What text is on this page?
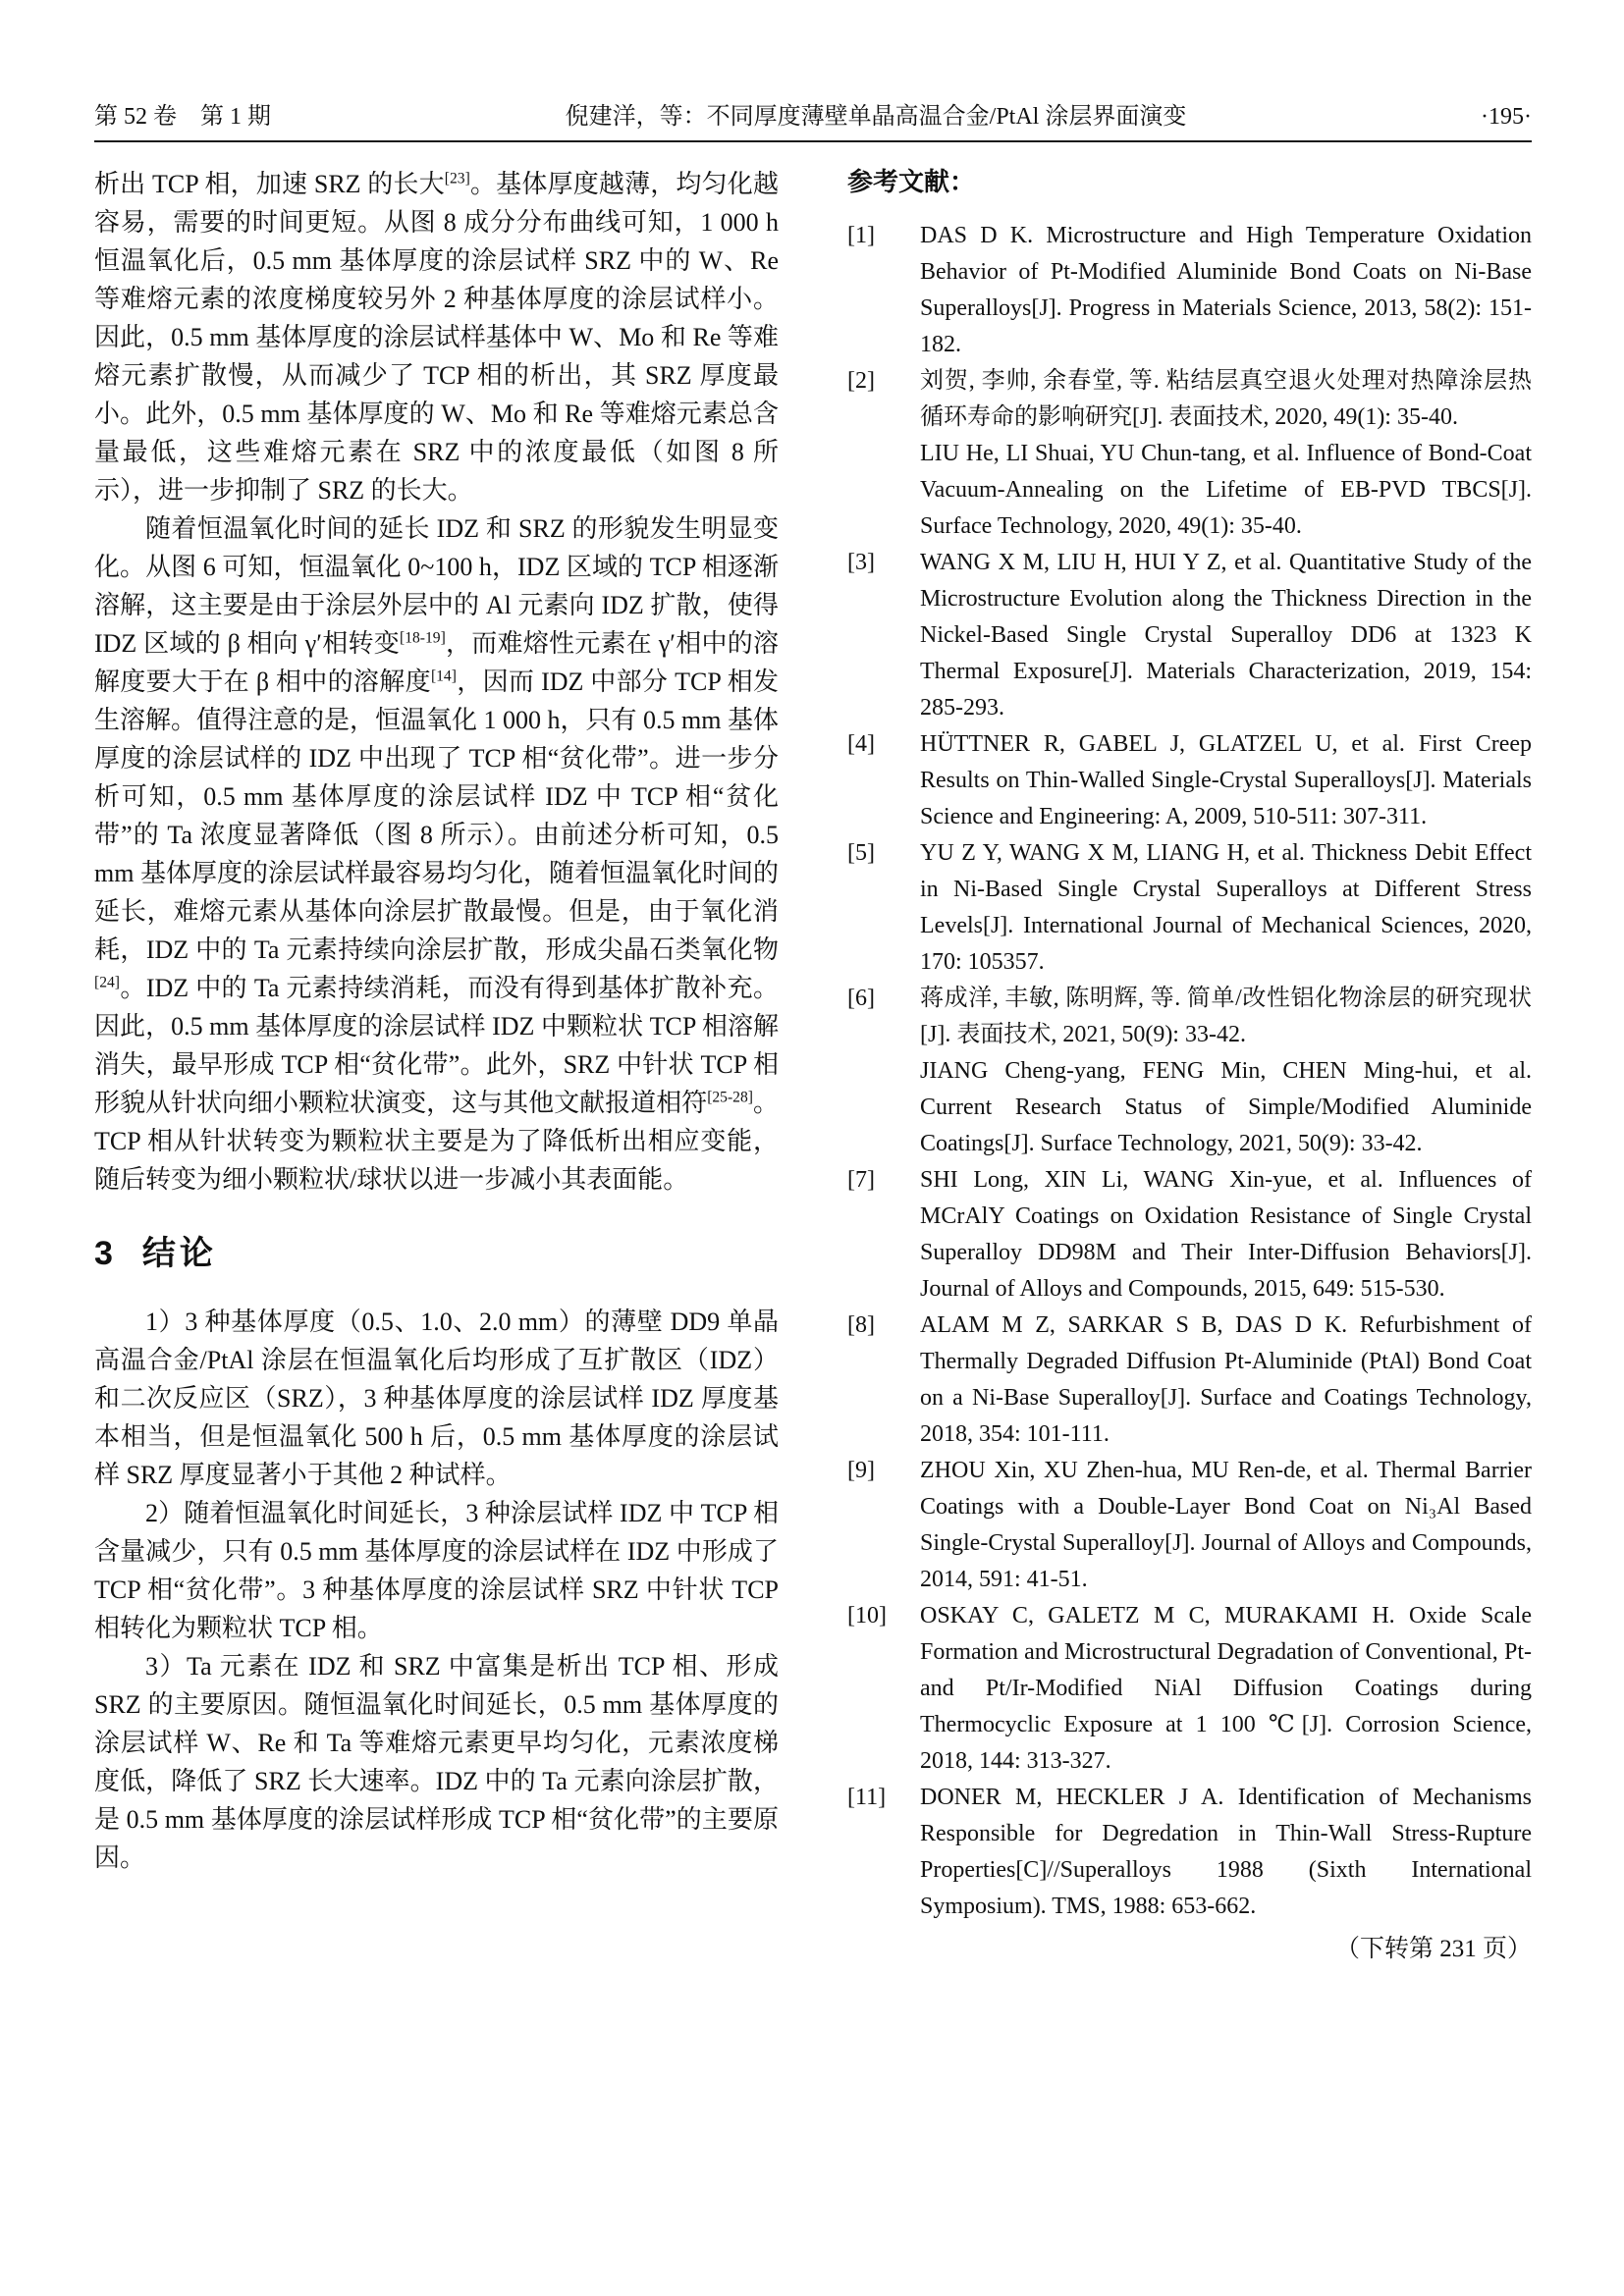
第 52 卷　第 1 期	倪建洋，等：不同厚度薄壁单晶高温合金/PtAl 涂层界面演变	·195·

析出 TCP 相，加速 SRZ 的长大[23]。基体厚度越薄，均匀化越容易，需要的时间更短。从图 8 成分分布曲线可知，1 000 h 恒温氧化后，0.5 mm 基体厚度的涂层试样 SRZ 中的 W、Re 等难熔元素的浓度梯度较另外 2 种基体厚度的涂层试样小。因此，0.5 mm 基体厚度的涂层试样基体中 W、Mo 和 Re 等难熔元素扩散慢，从而减少了 TCP 相的析出，其 SRZ 厚度最小。此外，0.5 mm 基体厚度的 W、Mo 和 Re 等难熔元素总含量最低，这些难熔元素在 SRZ 中的浓度最低（如图 8 所示），进一步抑制了 SRZ 的长大。

随着恒温氧化时间的延长 IDZ 和 SRZ 的形貌发生明显变化。从图 6 可知，恒温氧化 0~100 h，IDZ 区域的 TCP 相逐渐溶解，这主要是由于涂层外层中的 Al 元素向 IDZ 扩散，使得 IDZ 区域的 β 相向 γ′相转变[18-19]，而难熔性元素在 γ′相中的溶解度要大于在 β 相中的溶解度[14]，因而 IDZ 中部分 TCP 相发生溶解。值得注意的是，恒温氧化 1 000 h，只有 0.5 mm 基体厚度的涂层试样的 IDZ 中出现了 TCP 相“贫化带”。进一步分析可知，0.5 mm 基体厚度的涂层试样 IDZ 中 TCP 相“贫化带”的 Ta 浓度显著降低（图 8 所示）。由前述分析可知，0.5 mm 基体厚度的涂层试样最容易均匀化，随着恒温氧化时间的延长，难熔元素从基体向涂层扩散最慢。但是，由于氧化消耗，IDZ 中的 Ta 元素持续向涂层扩散，形成尖晶石类氧化物[24]。IDZ 中的 Ta 元素持续消耗，而没有得到基体扩散补充。因此，0.5 mm 基体厚度的涂层试样 IDZ 中颗粒状 TCP 相溶解消失，最早形成 TCP 相“贫化带”。此外，SRZ 中针状 TCP 相形貌从针状向细小颗粒状演变，这与其他文献报道相符[25-28]。TCP 相从针状转变为颗粒状主要是为了降低析出相应变能，随后转变为细小颗粒状/球状以进一步减小其表面能。

3 结论

1）3 种基体厚度（0.5、1.0、2.0 mm）的薄壁 DD9 单晶高温合金/PtAl 涂层在恒温氧化后均形成了互扩散区（IDZ）和二次反应区（SRZ），3 种基体厚度的涂层试样 IDZ 厚度基本相当，但是恒温氧化 500 h 后，0.5 mm 基体厚度的涂层试样 SRZ 厚度显著小于其他 2 种试样。

2）随着恒温氧化时间延长，3 种涂层试样 IDZ 中 TCP 相含量减少，只有 0.5 mm 基体厚度的涂层试样在 IDZ 中形成了 TCP 相“贫化带”。3 种基体厚度的涂层试样 SRZ 中针状 TCP 相转化为颗粒状 TCP 相。

3）Ta 元素在 IDZ 和 SRZ 中富集是析出 TCP 相、形成 SRZ 的主要原因。随恒温氧化时间延长，0.5 mm 基体厚度的涂层试样 W、Re 和 Ta 等难熔元素更早均匀化，元素浓度梯度低，降低了 SRZ 长大速率。IDZ 中的 Ta 元素向涂层扩散，是 0.5 mm 基体厚度的涂层试样形成 TCP 相“贫化带”的主要原因。

参考文献：
[1]	DAS D K. Microstructure and High Temperature Oxidation Behavior of Pt-Modified Aluminide Bond Coats on Ni-Base Superalloys[J]. Progress in Materials Science, 2013, 58(2): 151-182.

[2]	刘贺, 李帅, 余春堂, 等. 粘结层真空退火处理对热障涂层热循环寿命的影响研究[J]. 表面技术, 2020, 49(1): 35-40.

LIU He, LI Shuai, YU Chun-tang, et al. Influence of Bond-Coat Vacuum-Annealing on the Lifetime of EB-PVD TBCS[J]. Surface Technology, 2020, 49(1): 35-40.

[3]	WANG X M, LIU H, HUI Y Z, et al. Quantitative Study of the Microstructure Evolution along the Thickness Direction in the Nickel-Based Single Crystal Superalloy DD6 at 1323 K Thermal Exposure[J]. Materials Characterization, 2019, 154: 285-293.

[4]	HÜTTNER R, GABEL J, GLATZEL U, et al. First Creep Results on Thin-Walled Single-Crystal Superalloys[J]. Materials Science and Engineering: A, 2009, 510-511: 307-311.

[5]	YU Z Y, WANG X M, LIANG H, et al. Thickness Debit Effect in Ni-Based Single Crystal Superalloys at Different Stress Levels[J]. International Journal of Mechanical Sciences, 2020, 170: 105357.

[6]	蒋成洋, 丰敏, 陈明辉, 等. 简单/改性铝化物涂层的研究现状[J]. 表面技术, 2021, 50(9): 33-42.

JIANG Cheng-yang, FENG Min, CHEN Ming-hui, et al. Current Research Status of Simple/Modified Aluminide Coatings[J]. Surface Technology, 2021, 50(9): 33-42.

[7]	SHI Long, XIN Li, WANG Xin-yue, et al. Influences of MCrAlY Coatings on Oxidation Resistance of Single Crystal Superalloy DD98M and Their Inter-Diffusion Behaviors[J]. Journal of Alloys and Compounds, 2015, 649: 515-530.

[8]	ALAM M Z, SARKAR S B, DAS D K. Refurbishment of Thermally Degraded Diffusion Pt-Aluminide (PtAl) Bond Coat on a Ni-Base Superalloy[J]. Surface and Coatings Technology, 2018, 354: 101-111.

[9]	ZHOU Xin, XU Zhen-hua, MU Ren-de, et al. Thermal Barrier Coatings with a Double-Layer Bond Coat on Ni₃Al Based Single-Crystal Superalloy[J]. Journal of Alloys and Compounds, 2014, 591: 41-51.

[10]	OSKAY C, GALETZ M C, MURAKAMI H. Oxide Scale Formation and Microstructural Degradation of Conventional, Pt- and Pt/Ir-Modified NiAl Diffusion Coatings during Thermocyclic Exposure at 1 100 ℃[J]. Corrosion Science, 2018, 144: 313-327.

[11]	DONER M, HECKLER J A. Identification of Mechanisms Responsible for Degredation in Thin-Wall Stress-Rupture Properties[C]//Superalloys 1988 (Sixth International Symposium). TMS, 1988: 653-662.

（下转第 231 页）
